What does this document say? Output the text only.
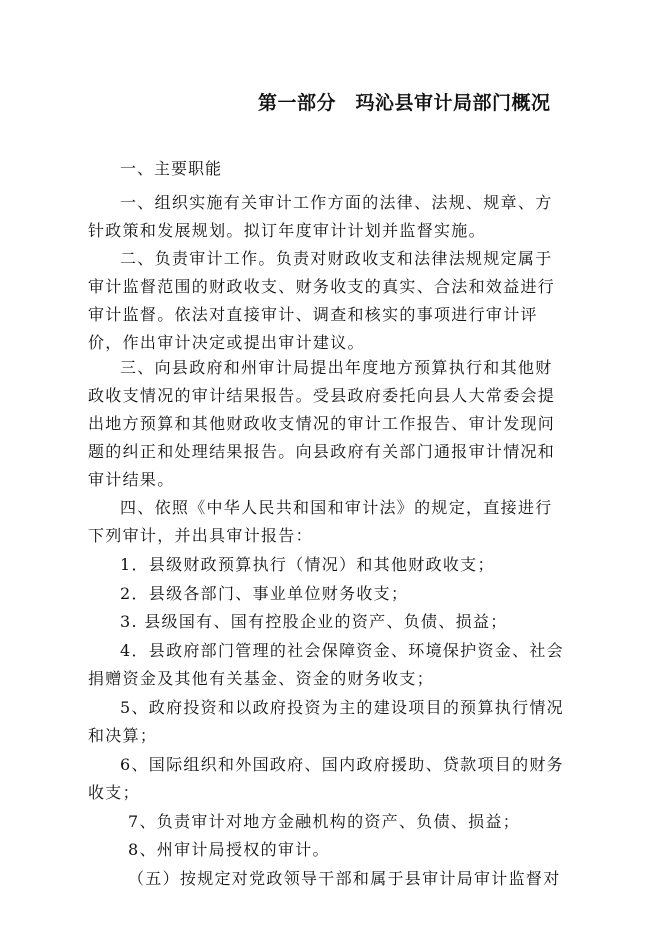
第一部分　玛沁县审计局部门概况
一、主要职能
一、组织实施有关审计工作方面的法律、法规、规章、方
针政策和发展规划。拟订年度审计计划并监督实施。
二、负责审计工作。负责对财政收支和法律法规规定属于
审计监督范围的财政收支、财务收支的真实、合法和效益进行
审计监督。依法对直接审计、调查和核实的事项进行审计评
价，作出审计决定或提出审计建议。
三、向县政府和州审计局提出年度地方预算执行和其他财
政收支情况的审计结果报告。受县政府委托向县人大常委会提
出地方预算和其他财政收支情况的审计工作报告、审计发现问
题的纠正和处理结果报告。向县政府有关部门通报审计情况和
审计结果。
四、依照《中华人民共和国和审计法》的规定，直接进行
下列审计，并出具审计报告：
1．县级财政预算执行（情况）和其他财政收支；
2．县级各部门、事业单位财务收支；
3. 县级国有、国有控股企业的资产、负债、损益；
4．县政府部门管理的社会保障资金、环境保护资金、社会
捐赠资金及其他有关基金、资金的财务收支；
5、政府投资和以政府投资为主的建设项目的预算执行情况
和决算；
6、国际组织和外国政府、国内政府援助、贷款项目的财务
收支；
7、负责审计对地方金融机构的资产、负债、损益；
8、州审计局授权的审计。
（五）按规定对党政领导干部和属于县审计局审计监督对
